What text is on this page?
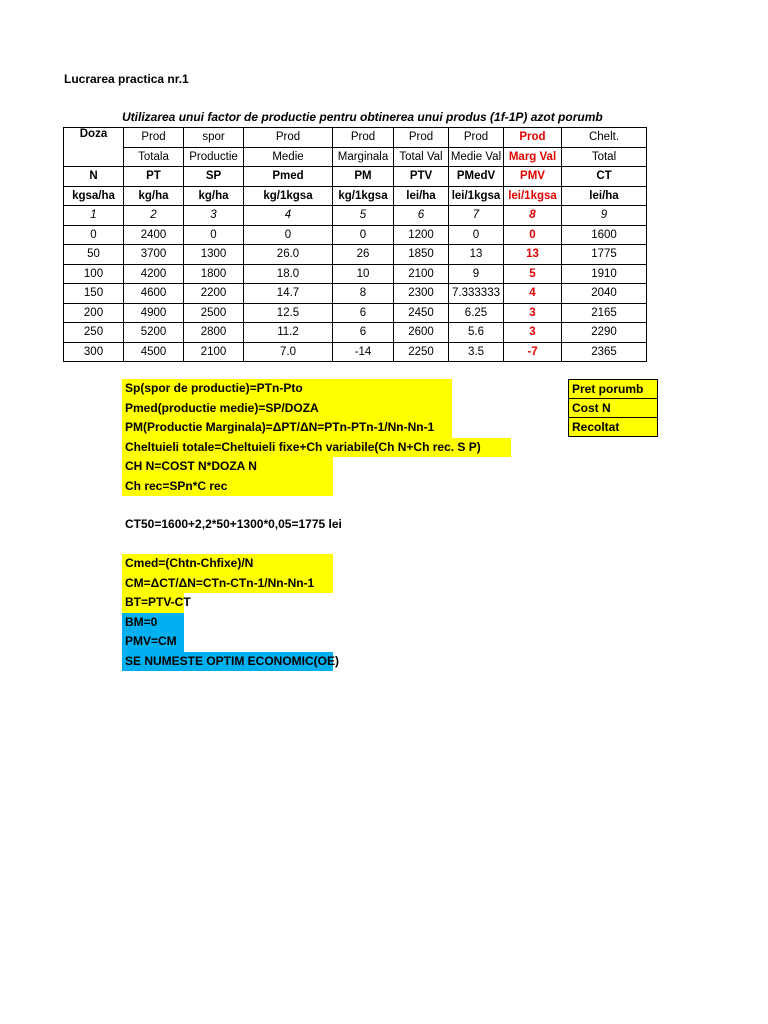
Lucrarea practica nr.1
Utilizarea unui factor de productie pentru obtinerea unui produs (1f-1P) azot porumb
Doza	Prod	spor	Prod	Prod	Prod	Prod	Prod	Chelt.
	Totala	Productie	Medie	Marginala	Total Val	Medie Val	Marg Val	Total
N	PT	SP	Pmed	PM	PTV	PMedV	PMV	CT
kgsa/ha	kg/ha	kg/ha	kg/1kgsa	kg/1kgsa	lei/ha	lei/1kgsa	lei/1kgsa	lei/ha
1	2	3	4	5	6	7	8	9
0	2400	0	0	0	1200	0	0	1600
50	3700	1300	26.0	26	1850	13	13	1775
100	4200	1800	18.0	10	2100	9	5	1910
150	4600	2200	14.7	8	2300	7.333333	4	2040
200	4900	2500	12.5	6	2450	6.25	3	2165
250	5200	2800	11.2	6	2600	5.6	3	2290
300	4500	2100	7.0	-14	2250	3.5	-7	2365
Sp(spor de productie)=PTn-Pto
Pmed(productie medie)=SP/DOZA
PM(Productie Marginala)=ΔPT/ΔN=PTn-PTn-1/Nn-Nn-1
Cheltuieli totale=Cheltuieli fixe+Ch variabile(Ch N+Ch rec. S P)
CH N=COST N*DOZA N
Ch rec=SPn*C rec
Pret porumb
Cost N
Recoltat
CT50=1600+2,2*50+1300*0,05=1775 lei
Cmed=(Chtn-Chfixe)/N
CM=ΔCT/ΔN=CTn-CTn-1/Nn-Nn-1
BT=PTV-CT
BM=0
PMV=CM
SE NUMESTE OPTIM ECONOMIC(OE)
